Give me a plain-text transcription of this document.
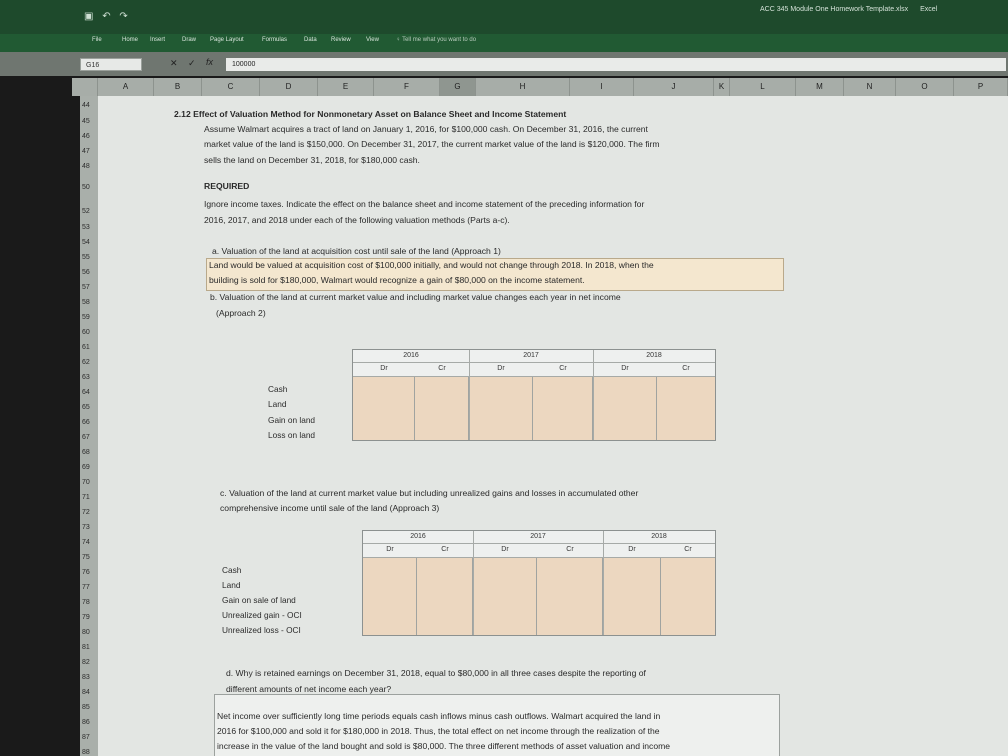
▣ ↶ ↷
ACC 345 Module One Homework Template.xlsx Excel
File	Home Insert	Draw Page Layout	Formulas	Data Review	View	♀ Tell me what you want to do
G16	✕ ✓ fx	100000
A	B	C	D	E	F	G	H	I	J	K	L	M	N	O	P
44
45
46
47
48
50
52
53
54
55
56
57
58
59
60
61
62
63
64
65
66
67
68
69
70
71
72
73
74
75
76
77
78
79
80
81
82
83
84
85
86
87
88
2.12 Effect of Valuation Method for Nonmonetary Asset on Balance Sheet and Income Statement
Assume Walmart acquires a tract of land on January 1, 2016, for $100,000 cash. On December 31, 2016, the current
market value of the land is $150,000. On December 31, 2017, the current market value of the land is $120,000. The firm
sells the land on December 31, 2018, for $180,000 cash.
REQUIRED
Ignore income taxes. Indicate the effect on the balance sheet and income statement of the preceding information for
2016, 2017, and 2018 under each of the following valuation methods (Parts a-c).
a. Valuation of the land at acquisition cost until sale of the land (Approach 1)
Land would be valued at acquisition cost of $100,000 initially, and would not change through 2018. In 2018, when the
building is sold for $180,000, Walmart would recognize a gain of $80,000 on the income statement.
b. Valuation of the land at current market value and including market value changes each year in net income
(Approach 2)
2016	2017	2018
Dr	Cr	Dr	Cr	Dr	Cr
Cash
Land
Gain on land
Loss on land
c. Valuation of the land at current market value but including unrealized gains and losses in accumulated other
comprehensive income until sale of the land (Approach 3)
2016	2017	2018
Dr	Cr	Dr	Cr	Dr	Cr
Cash
Land
Gain on sale of land
Unrealized gain - OCI
Unrealized loss - OCI
d. Why is retained earnings on December 31, 2018, equal to $80,000 in all three cases despite the reporting of
different amounts of net income each year?
Net income over sufficiently long time periods equals cash inflows minus cash outflows. Walmart acquired the land in
2016 for $100,000 and sold it for $180,000 in 2018. Thus, the total effect on net income through the realization of the
increase in the value of the land bought and sold is $80,000. The three different methods of asset valuation and income
